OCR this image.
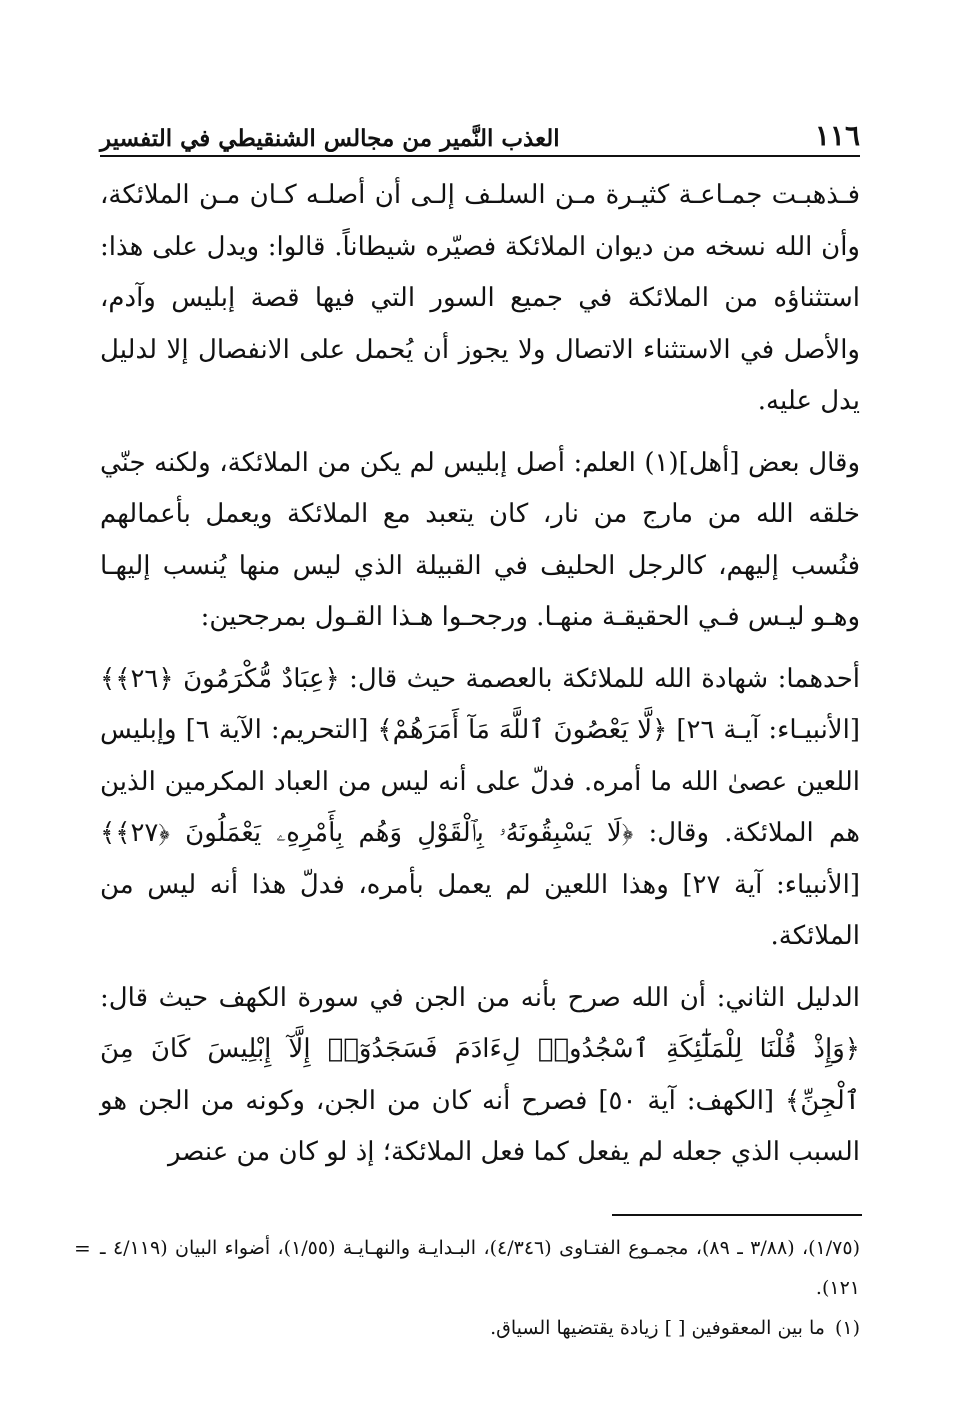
العذب النَّمير من مجالس الشنقيطي في التفسير	١١٦

فـذهبـت جمـاعـة كثيـرة مـن السلـف إلـى أن أصلـه كـان مـن الملائكة، وأن الله نسخه من ديوان الملائكة فصيّره شيطاناً. قالوا: ويدل على هذا: استثناؤه من الملائكة في جميع السور التي فيها قصة إبليس وآدم، والأصل في الاستثناء الاتصال ولا يجوز أن يُحمل على الانفصال إلا لدليل يدل عليه.

وقال بعض [أهل](١) العلم: أصل إبليس لم يكن من الملائكة، ولكنه جنّي خلقه الله من مارج من نار، كان يتعبد مع الملائكة ويعمل بأعمالهم فنُسب إليهم، كالرجل الحليف في القبيلة الذي ليس منها يُنسب إليهـا وهـو ليـس فـي الحقيقـة منهـا. ورجحـوا هـذا القـول بمرجحين:

أحدهما: شهادة الله للملائكة بالعصمة حيث قال: ﴿عِبَادٌ مُّكْرَمُونَ ﴿٢٦﴾﴾ [الأنبيـاء: آيـة ٢٦] ﴿لَّا يَعْصُونَ ٱللَّهَ مَآ أَمَرَهُمْ﴾ [التحريم: الآية ٦] وإبليس اللعين عصىٰ الله ما أمره. فدلّ على أنه ليس من العباد المكرمين الذين هم الملائكة. وقال: ﴿لَا يَسْبِقُونَهُۥ بِٱلْقَوْلِ وَهُم بِأَمْرِهِۦ يَعْمَلُونَ ﴿٢٧﴾﴾ [الأنبياء: آية ٢٧] وهذا اللعين لم يعمل بأمره، فدلّ هذا أنه ليس من الملائكة.

الدليل الثاني: أن الله صرح بأنه من الجن في سورة الكهف حيث قال: ﴿وَإِذْ قُلْنَا لِلْمَلَٰٓئِكَةِ ٱسْجُدُوا۟ لِءَادَمَ فَسَجَدُوٓا۟ إِلَّآ إِبْلِيسَ كَانَ مِنَ ٱلْجِنِّ﴾ [الكهف: آية ٥٠] فصرح أنه كان من الجن، وكونه من الجن هو السبب الذي جعله لم يفعل كما فعل الملائكة؛ إذ لو كان من عنصر

= (١/٧٥)، (٣/٨٨ ـ ٨٩)، مجمـوع الفتـاوى (٤/٣٤٦)، البـدايـة والنهـايـة (١/٥٥)، أضواء البيان (٤/١١٩ ـ ١٢١).
(١)
ما بين المعقوفين [ ] زيادة يقتضيها السياق.
